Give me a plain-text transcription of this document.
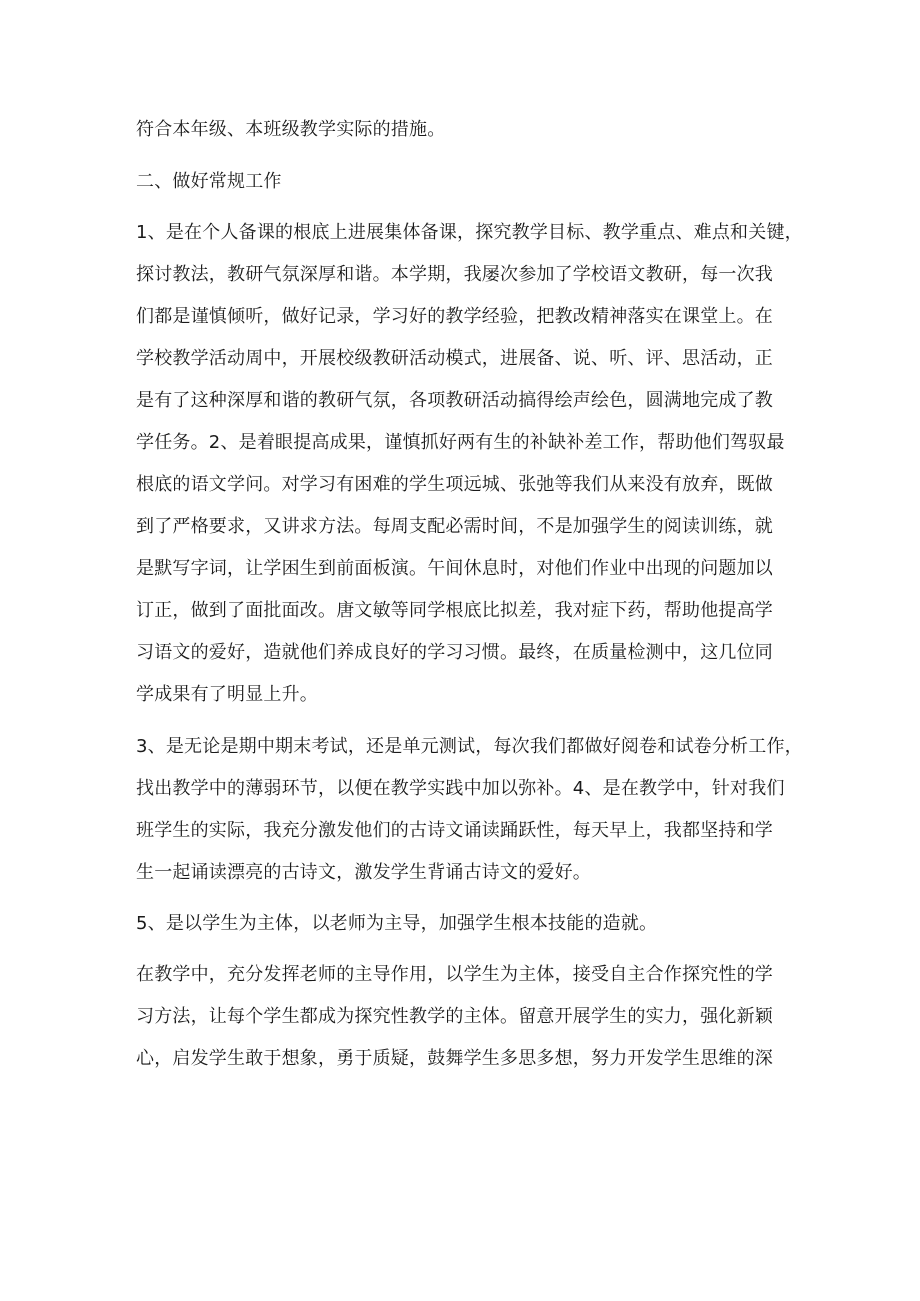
符合本年级、本班级教学实际的措施。
二、做好常规工作
1、是在个人备课的根底上进展集体备课，探究教学目标、教学重点、难点和关键，
探讨教法，教研气氛深厚和谐。本学期，我屡次参加了学校语文教研，每一次我
们都是谨慎倾听，做好记录，学习好的教学经验，把教改精神落实在课堂上。在
学校教学活动周中，开展校级教研活动模式，进展备、说、听、评、思活动，正
是有了这种深厚和谐的教研气氛，各项教研活动搞得绘声绘色，圆满地完成了教
学任务。2、是着眼提高成果，谨慎抓好两有生的补缺补差工作，帮助他们驾驭最
根底的语文学问。对学习有困难的学生项远城、张弛等我们从来没有放弃，既做
到了严格要求，又讲求方法。每周支配必需时间，不是加强学生的阅读训练，就
是默写字词，让学困生到前面板演。午间休息时，对他们作业中出现的问题加以
订正，做到了面批面改。唐文敏等同学根底比拟差，我对症下药，帮助他提高学
习语文的爱好，造就他们养成良好的学习习惯。最终，在质量检测中，这几位同
学成果有了明显上升。
3、是无论是期中期末考试，还是单元测试，每次我们都做好阅卷和试卷分析工作，
找出教学中的薄弱环节，以便在教学实践中加以弥补。4、是在教学中，针对我们
班学生的实际，我充分激发他们的古诗文诵读踊跃性，每天早上，我都坚持和学
生一起诵读漂亮的古诗文，激发学生背诵古诗文的爱好。
5、是以学生为主体，以老师为主导，加强学生根本技能的造就。
在教学中，充分发挥老师的主导作用，以学生为主体，接受自主合作探究性的学
习方法，让每个学生都成为探究性教学的主体。留意开展学生的实力，强化新颖
心，启发学生敢于想象，勇于质疑，鼓舞学生多思多想，努力开发学生思维的深
